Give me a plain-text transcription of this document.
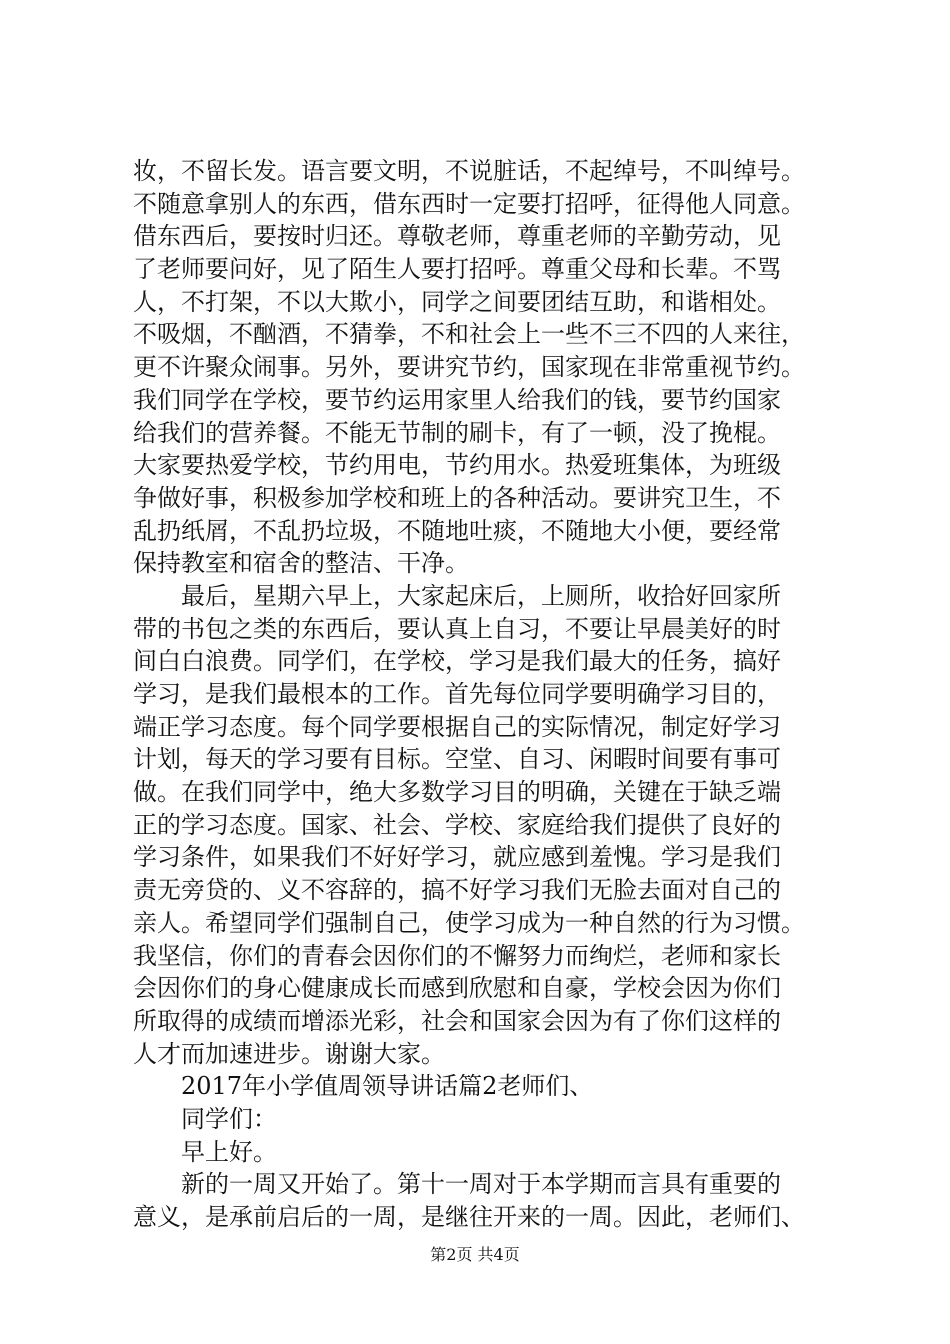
妆，不留长发。语言要文明，不说脏话，不起绰号，不叫绰号。
不随意拿别人的东西，借东西时一定要打招呼，征得他人同意。
借东西后，要按时归还。尊敬老师，尊重老师的辛勤劳动，见
了老师要问好，见了陌生人要打招呼。尊重父母和长辈。不骂
人，不打架，不以大欺小，同学之间要团结互助，和谐相处。
不吸烟，不酗酒，不猜拳，不和社会上一些不三不四的人来往，
更不许聚众闹事。另外，要讲究节约，国家现在非常重视节约。
我们同学在学校，要节约运用家里人给我们的钱，要节约国家
给我们的营养餐。不能无节制的刷卡，有了一顿，没了挽棍。
大家要热爱学校，节约用电，节约用水。热爱班集体，为班级
争做好事，积极参加学校和班上的各种活动。要讲究卫生，不
乱扔纸屑，不乱扔垃圾，不随地吐痰，不随地大小便，要经常
保持教室和宿舍的整洁、干净。
最后，星期六早上，大家起床后，上厕所，收拾好回家所
带的书包之类的东西后，要认真上自习，不要让早晨美好的时
间白白浪费。同学们，在学校，学习是我们最大的任务，搞好
学习，是我们最根本的工作。首先每位同学要明确学习目的，
端正学习态度。每个同学要根据自己的实际情况，制定好学习
计划，每天的学习要有目标。空堂、自习、闲暇时间要有事可
做。在我们同学中，绝大多数学习目的明确，关键在于缺乏端
正的学习态度。国家、社会、学校、家庭给我们提供了良好的
学习条件，如果我们不好好学习，就应感到羞愧。学习是我们
责无旁贷的、义不容辞的，搞不好学习我们无脸去面对自己的
亲人。希望同学们强制自己，使学习成为一种自然的行为习惯。
我坚信，你们的青春会因你们的不懈努力而绚烂，老师和家长
会因你们的身心健康成长而感到欣慰和自豪，学校会因为你们
所取得的成绩而增添光彩，社会和国家会因为有了你们这样的
人才而加速进步。谢谢大家。
2017年小学值周领导讲话篇2老师们、
同学们：
早上好。
新的一周又开始了。第十一周对于本学期而言具有重要的
意义，是承前启后的一周，是继往开来的一周。因此，老师们、
第2页 共4页
